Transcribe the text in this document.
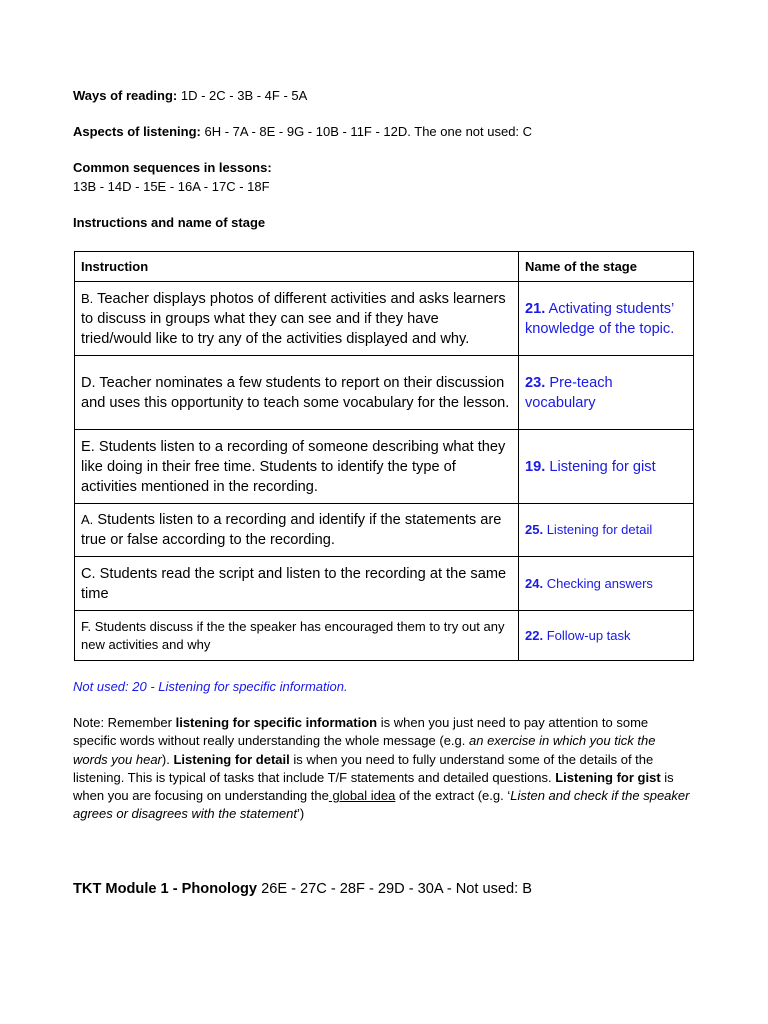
Ways of reading: 1D - 2C - 3B - 4F - 5A
Aspects of listening: 6H - 7A - 8E - 9G - 10B - 11F - 12D. The one not used: C
Common sequences in lessons:
13B - 14D - 15E - 16A - 17C - 18F
Instructions and name of stage
Instruction	Name of the stage
B. Teacher displays photos of different activities and asks learners to discuss in groups what they can see and if they have tried/would like to try any of the activities displayed and why.	21. Activating students’ knowledge of the topic.
D. Teacher nominates a few students to report on their discussion and uses this opportunity to teach some vocabulary for the lesson.	23. Pre-teach vocabulary
E. Students listen to a recording of someone describing what they like doing in their free time. Students to identify the type of activities mentioned in the recording.	19. Listening for gist
A. Students listen to a recording and identify if the statements are true or false according to the recording.	25. Listening for detail
C. Students read the script and listen to the recording at the same time	24. Checking answers
F. Students discuss if the the speaker has encouraged them to try out any new activities and why	22. Follow-up task
Not used: 20 - Listening for specific information.
Note: Remember listening for specific information is when you just need to pay attention to some specific words without really understanding the whole message (e.g. an exercise in which you tick the words you hear). Listening for detail is when you need to fully understand some of the details of the listening. This is typical of tasks that include T/F statements and detailed questions. Listening for gist is when you are focusing on understanding the global idea of the extract (e.g. ‘Listen and check if the speaker agrees or disagrees with the statement’)
TKT Module 1 - Phonology 26E - 27C - 28F - 29D - 30A - Not used: B
